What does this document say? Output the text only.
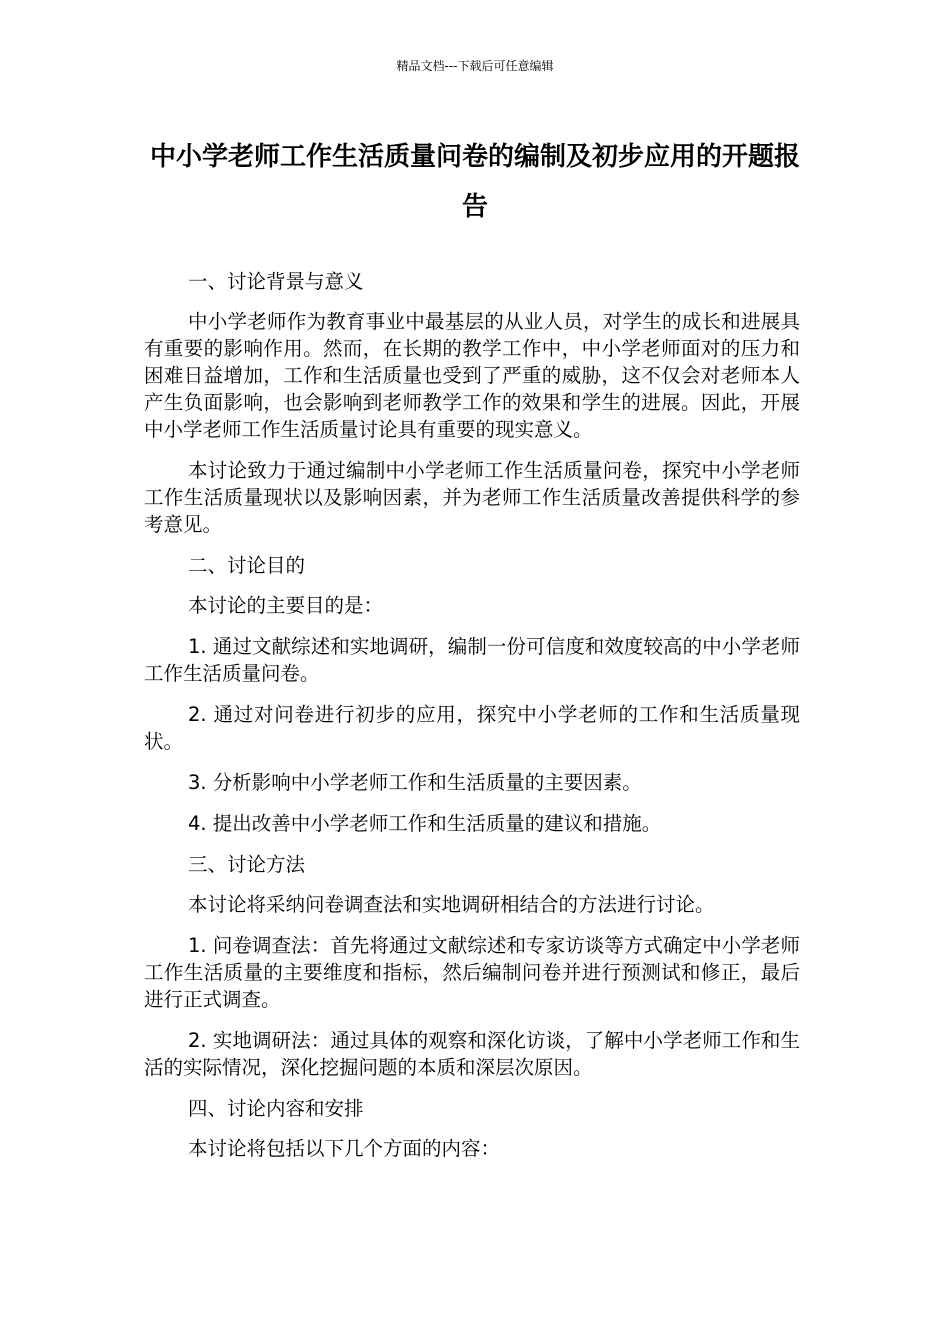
精品文档---下载后可任意编辑
中小学老师工作生活质量问卷的编制及初步应用的开题报告

一、讨论背景与意义

中小学老师作为教育事业中最基层的从业人员，对学生的成长和进展具有重要的影响作用。然而，在长期的教学工作中，中小学老师面对的压力和困难日益增加，工作和生活质量也受到了严重的威胁，这不仅会对老师本人产生负面影响，也会影响到老师教学工作的效果和学生的进展。因此，开展中小学老师工作生活质量讨论具有重要的现实意义。

本讨论致力于通过编制中小学老师工作生活质量问卷，探究中小学老师工作生活质量现状以及影响因素，并为老师工作生活质量改善提供科学的参考意见。

二、讨论目的

本讨论的主要目的是：

1. 通过文献综述和实地调研，编制一份可信度和效度较高的中小学老师工作生活质量问卷。

2. 通过对问卷进行初步的应用，探究中小学老师的工作和生活质量现状。

3. 分析影响中小学老师工作和生活质量的主要因素。

4. 提出改善中小学老师工作和生活质量的建议和措施。

三、讨论方法

本讨论将采纳问卷调查法和实地调研相结合的方法进行讨论。

1. 问卷调查法：首先将通过文献综述和专家访谈等方式确定中小学老师工作生活质量的主要维度和指标，然后编制问卷并进行预测试和修正，最后进行正式调查。

2. 实地调研法：通过具体的观察和深化访谈，了解中小学老师工作和生活的实际情况，深化挖掘问题的本质和深层次原因。

四、讨论内容和安排

本讨论将包括以下几个方面的内容：
